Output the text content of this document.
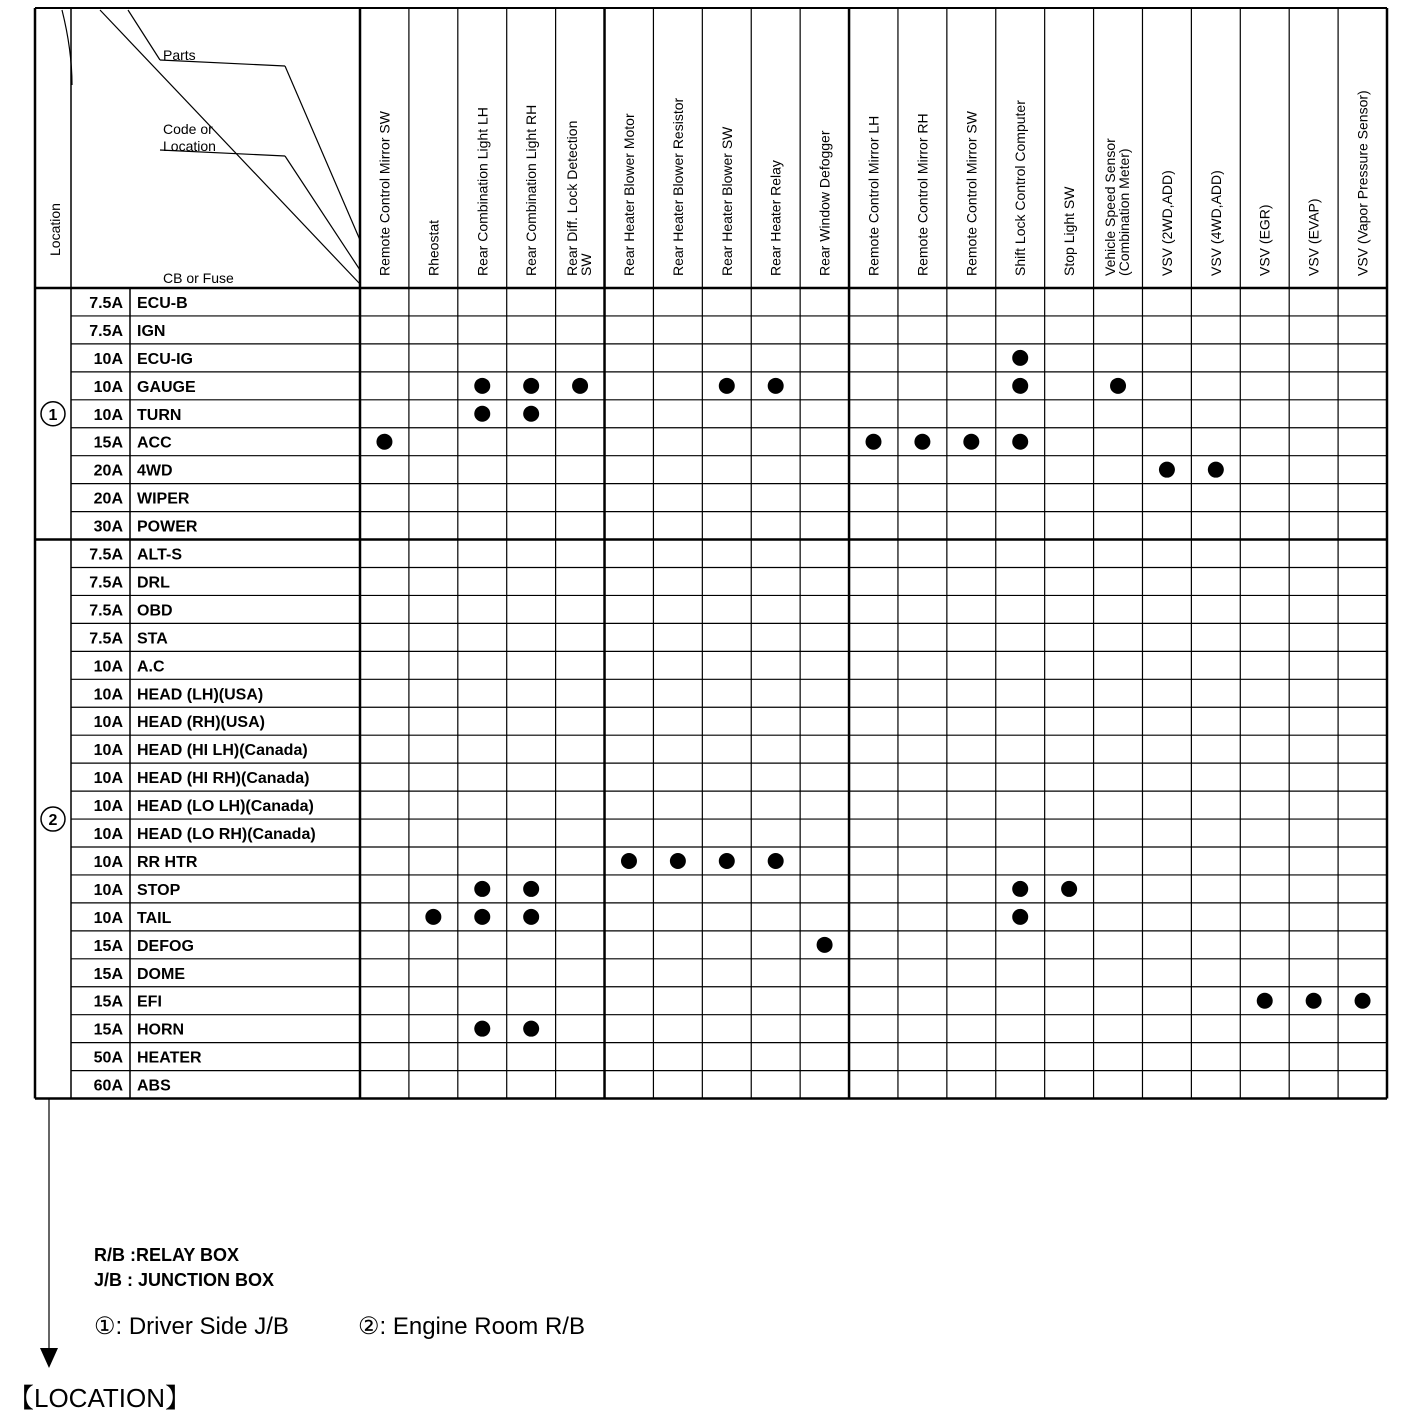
Parts
Code or
Location
CB or Fuse
Location	Remote Control Mirror SW Rheostat Rear Combination Light LH Rear Combination Light RH Rear Diff. Lock DetectionSW Rear Heater Blower Motor Rear Heater Blower Resistor Rear Heater Blower SW Rear Heater Relay Rear Window Defogger Remote Control Mirror LH Remote Control Mirror RH Remote Control Mirror SW Shift Lock Control Computer Stop Light SW Vehicle Speed Sensor(Combination Meter) VSV (2WD,ADD) VSV (4WD,ADD) VSV (EGR) VSV (EVAP) VSV (Vapor Pressure Sensor)
7.5A ECU-B
7.5A IGN
10A ECU-IG
10A GAUGE
10A TURN
15A ACC
20A 4WD
20A WIPER
30A POWER
1
7.5A ALT-S
7.5A DRL
7.5A OBD
7.5A STA
10A A.C
10A HEAD (LH)(USA)
10A HEAD (RH)(USA)
10A HEAD (HI LH)(Canada)
10A HEAD (HI RH)(Canada)
10A HEAD (LO LH)(Canada)
10A HEAD (LO RH)(Canada)
10A RR HTR
10A STOP
10A TAIL
15A DEFOG
15A DOME
15A EFI
15A HORN
50A HEATER
60A ABS
2
R/B :RELAY BOX
J/B : JUNCTION BOX
①: Driver Side J/B	②: Engine Room R/B
【LOCATION】
